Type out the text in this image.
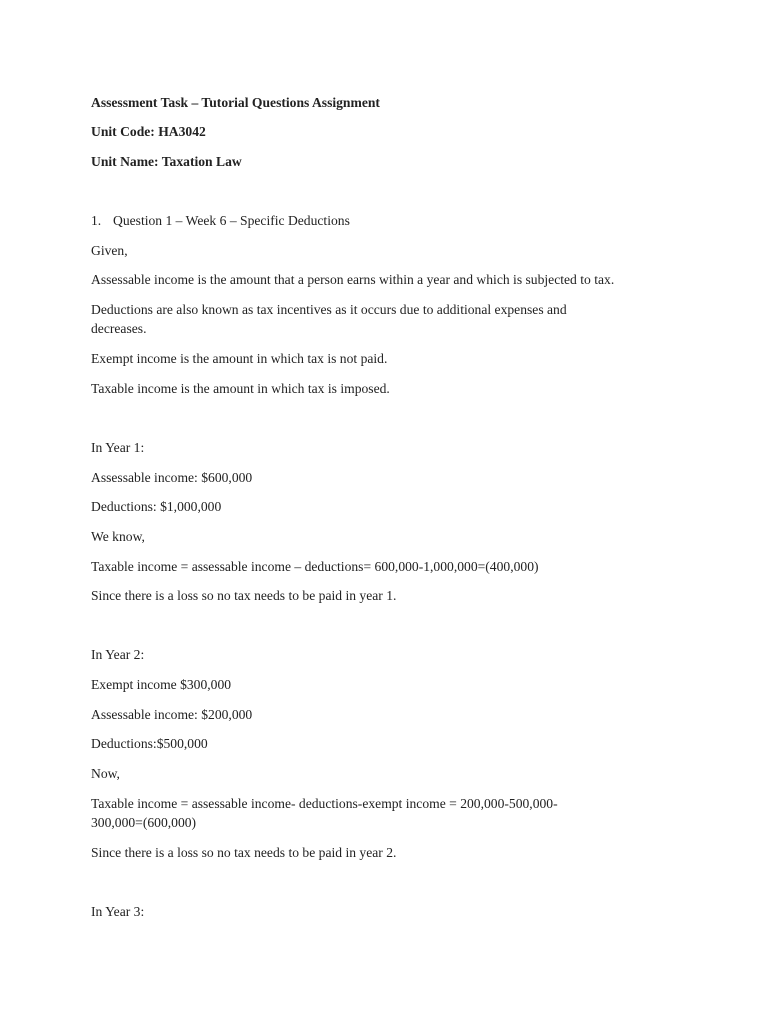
Assessment Task – Tutorial Questions Assignment
Unit Code: HA3042
Unit Name: Taxation Law
1. Question 1 – Week 6 – Specific Deductions
Given,
Assessable income is the amount that a person earns within a year and which is subjected to tax.
Deductions are also known as tax incentives as it occurs due to additional expenses and
decreases.
Exempt income is the amount in which tax is not paid.
Taxable income is the amount in which tax is imposed.
In Year 1:
Assessable income: $600,000
Deductions: $1,000,000
We know,
Taxable income = assessable income – deductions= 600,000-1,000,000=(400,000)
Since there is a loss so no tax needs to be paid in year 1.
In Year 2:
Exempt income $300,000
Assessable income: $200,000
Deductions:$500,000
Now,
Taxable income = assessable income- deductions-exempt income = 200,000-500,000-
300,000=(600,000)
Since there is a loss so no tax needs to be paid in year 2.
In Year 3:
